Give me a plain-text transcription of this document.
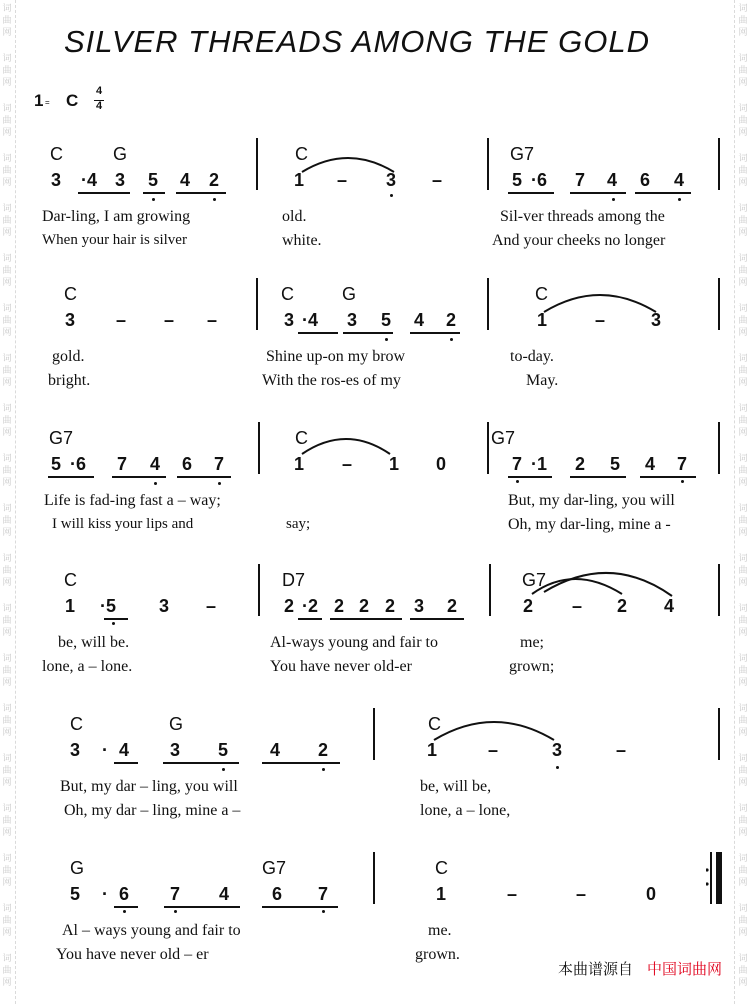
词
曲
网
词
曲
网
词
曲
网
词
曲
网
词
曲
网
词
曲
网
词
曲
网
词
曲
网
词
曲
网
词
曲
网
词
曲
网
词
曲
网
词
曲
网
词
曲
网
词
曲
网
词
曲
网
词
曲
网
词
曲
网
词
曲
网
词
曲
网
词
曲
网
词
曲
网
词
曲
网
词
曲
网
词
曲
网
词
曲
网
词
曲
网
词
曲
网
词
曲
网
词
曲
网
词
曲
网
词
曲
网
词
曲
网
词
曲
网
词
曲
网
词
曲
网
词
曲
网
词
曲
网
词
曲
网
词
曲
网
SILVER THREADS AMONG THE GOLD
1 = C 4
4
C	G	C	G7
3 ·4 3 5 4 2	1 – 3 –	5 ·6 7 4 6 4
Dar-ling, I am growing	old.	Sil-ver threads among the
When your hair is silver	white.	And your cheeks no longer
C	C	G	C
3 – – –	3 ·4 3 5 4 2	1	–	3
gold.	Shine up-on my brow	to-day.
bright.	With the ros-es of my	May.
G7	C	G7
5 ·6 7 4 6 7	1 – 1 0	7 ·1 2 5 4 7
Life is fad-ing fast a – way;	But, my dar-ling, you will
I will kiss your lips and	say;	Oh, my dar-ling, mine a -
C	D7	G7
1 ·5 3 –	2 ·2 2 2 2 3 2	2 – 2 4
be, will be.	Al-ways young and fair to	me;
lone, a – lone.	You have never old-er	grown;
C	G	C
3 · 4 3 5 4 2	1	–	3	–
But, my dar – ling, you will	be, will be,
Oh, my dar – ling, mine a –	lone, a – lone,
G	G7	C
5 · 6 7 4 6 7	1	–	–	0
Al – ways young and fair to	me.
You have never old – er	grown.
本曲谱源自 中国词曲网
